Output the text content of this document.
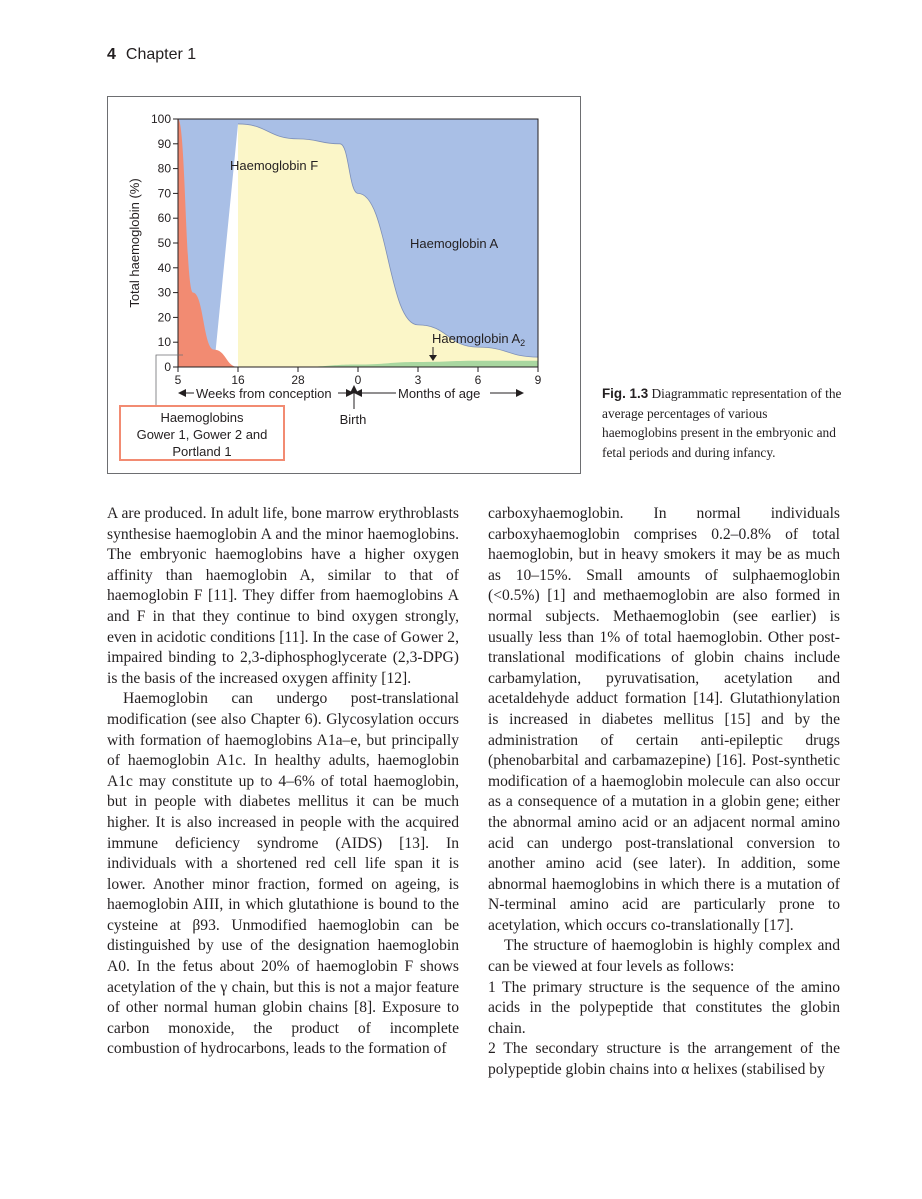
4 Chapter 1
0
10
20
30
40
50
60
70
80
90
100
5	16	28	0	3	6	9
Total haemoglobin (%)
Haemoglobin F
Haemoglobin A
Haemoglobin $A_2$
Weeks from conception	Months of age
Birth
Haemoglobins
Gower 1, Gower 2 and
Portland 1
Fig. 1.3 Diagrammatic representation of the average percentages of various haemoglobins present in the embryonic and fetal periods and during infancy.

A are produced. In adult life, bone marrow erythroblasts synthesise haemoglobin A and the minor haemoglobins. The embryonic haemoglobins have a higher oxygen affinity than haemoglobin A, similar to that of haemoglobin F [11]. They differ from haemoglobins A and F in that they continue to bind oxygen strongly, even in acidotic conditions [11]. In the case of Gower 2, impaired binding to 2,3-diphosphoglycerate (2,3-DPG) is the basis of the increased oxygen affinity [12].

Haemoglobin can undergo post-translational modification (see also Chapter 6). Glycosylation occurs with formation of haemoglobins A1a–e, but principally of haemoglobin A1c. In healthy adults, haemoglobin A1c may constitute up to 4–6% of total haemoglobin, but in people with diabetes mellitus it can be much higher. It is also increased in people with the acquired immune deficiency syndrome (AIDS) [13]. In individuals with a shortened red cell life span it is lower. Another minor fraction, formed on ageing, is haemoglobin AIII, in which glutathione is bound to the cysteine at β93. Unmodified haemoglobin can be distinguished by use of the designation haemoglobin A0. In the fetus about 20% of haemoglobin F shows acetylation of the γ chain, but this is not a major feature of other normal human globin chains [8]. Exposure to carbon monoxide, the product of incomplete combustion of hydrocarbons, leads to the formation of

carboxyhaemoglobin. In normal individuals carboxyhaemoglobin comprises 0.2–0.8% of total haemoglobin, but in heavy smokers it may be as much as 10–15%. Small amounts of sulphaemoglobin (<0.5%) [1] and methaemoglobin are also formed in normal subjects. Methaemoglobin (see earlier) is usually less than 1% of total haemoglobin. Other post-translational modifications of globin chains include carbamylation, pyruvatisation, acetylation and acetaldehyde adduct formation [14]. Glutathionylation is increased in diabetes mellitus [15] and by the administration of certain anti-epileptic drugs (phenobarbital and carbamazepine) [16]. Post-synthetic modification of a haemoglobin molecule can also occur as a consequence of a mutation in a globin gene; either the abnormal amino acid or an adjacent normal amino acid can undergo post-translational conversion to another amino acid (see later). In addition, some abnormal haemoglobins in which there is a mutation of N-terminal amino acid are particularly prone to acetylation, which occurs co-translationally [17].

The structure of haemoglobin is highly complex and can be viewed at four levels as follows:

1 The primary structure is the sequence of the amino acids in the polypeptide that constitutes the globin chain.

2 The secondary structure is the arrangement of the polypeptide globin chains into α helixes (stabilised by
